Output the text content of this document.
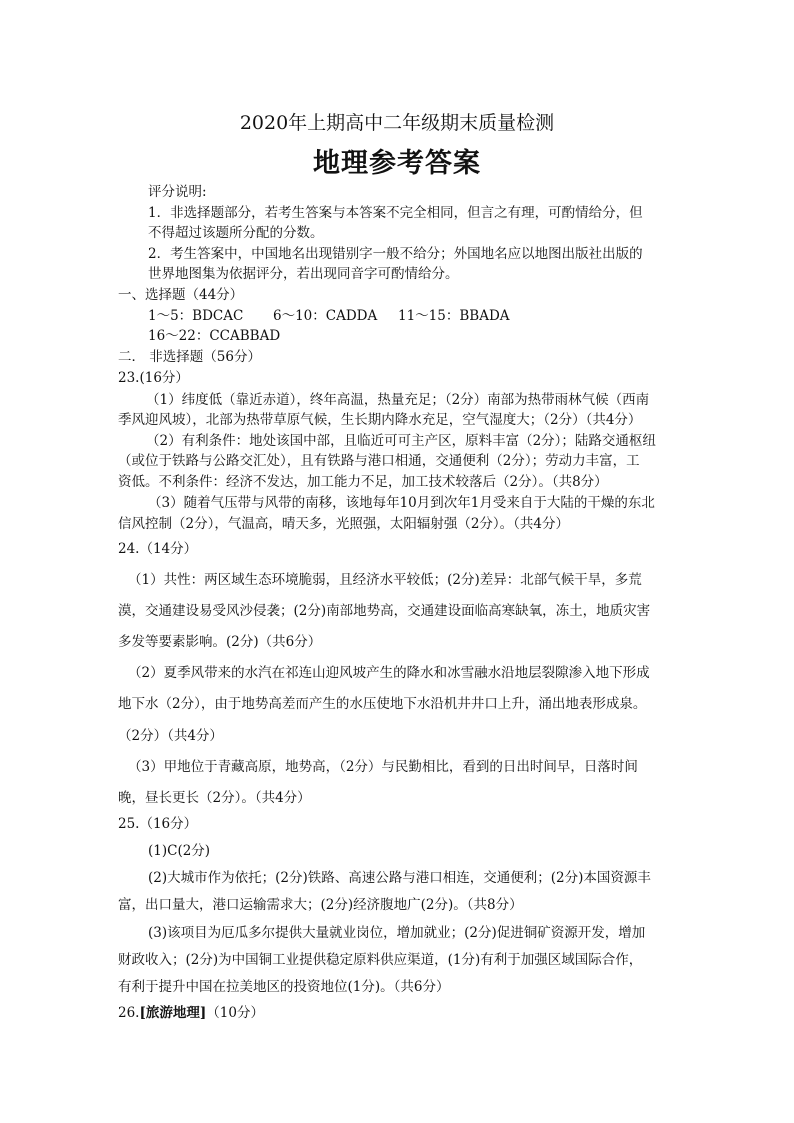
2020年上期高中二年级期末质量检测
地理参考答案
评分说明:
1．非选择题部分，若考生答案与本答案不完全相同，但言之有理，可酌情给分，但
不得超过该题所分配的分数。
2．考生答案中，中国地名出现错别字一般不给分；外国地名应以地图出版社出版的
世界地图集为依据评分，若出现同音字可酌情给分。
一、选择题（44分）
1～5：BDCAC 6～10：CADDA 11～15：BBADA
16～22：CCABBAD
二． 非选择题（56分）
23.(16分）
（1）纬度低（靠近赤道），终年高温，热量充足；（2分）南部为热带雨林气候（西南
季风迎风坡），北部为热带草原气候，生长期内降水充足，空气湿度大；（2分）（共4分）
（2）有利条件：地处该国中部，且临近可可主产区，原料丰富（2分）；陆路交通枢纽
（或位于铁路与公路交汇处），且有铁路与港口相通，交通便利（2分）；劳动力丰富，工
资低。不利条件：经济不发达，加工能力不足，加工技术较落后（2分）。（共8分）
（3）随着气压带与风带的南移，该地每年10月到次年1月受来自于大陆的干燥的东北
信风控制（2分），气温高，晴天多，光照强，太阳辐射强（2分）。（共4分）
24.（14分）
（1）共性：两区域生态环境脆弱，且经济水平较低；(2分)差异：北部气候干旱，多荒
漠，交通建设易受风沙侵袭；(2分)南部地势高，交通建设面临高寒缺氧，冻土，地质灾害
多发等要素影响。(2分)（共6分）
（2）夏季风带来的水汽在祁连山迎风坡产生的降水和冰雪融水沿地层裂隙渗入地下形成
地下水（2分），由于地势高差而产生的水压使地下水沿机井井口上升，涌出地表形成泉。
（2分）（共4分）
（3）甲地位于青藏高原，地势高，（2分）与民勤相比，看到的日出时间早，日落时间
晚，昼长更长（2分）。（共4分）
25.（16分）
(1)C(2分)
(2)大城市作为依托；(2分)铁路、高速公路与港口相连，交通便利；(2分)本国资源丰
富，出口量大，港口运输需求大；(2分)经济腹地广(2分)。（共8分）
(3)该项目为厄瓜多尔提供大量就业岗位，增加就业；(2分)促进铜矿资源开发，增加
财政收入；(2分)为中国铜工业提供稳定原料供应渠道，(1分)有利于加强区域国际合作，
有利于提升中国在拉美地区的投资地位(1分)。（共6分）
26.[旅游地理]（10分）
